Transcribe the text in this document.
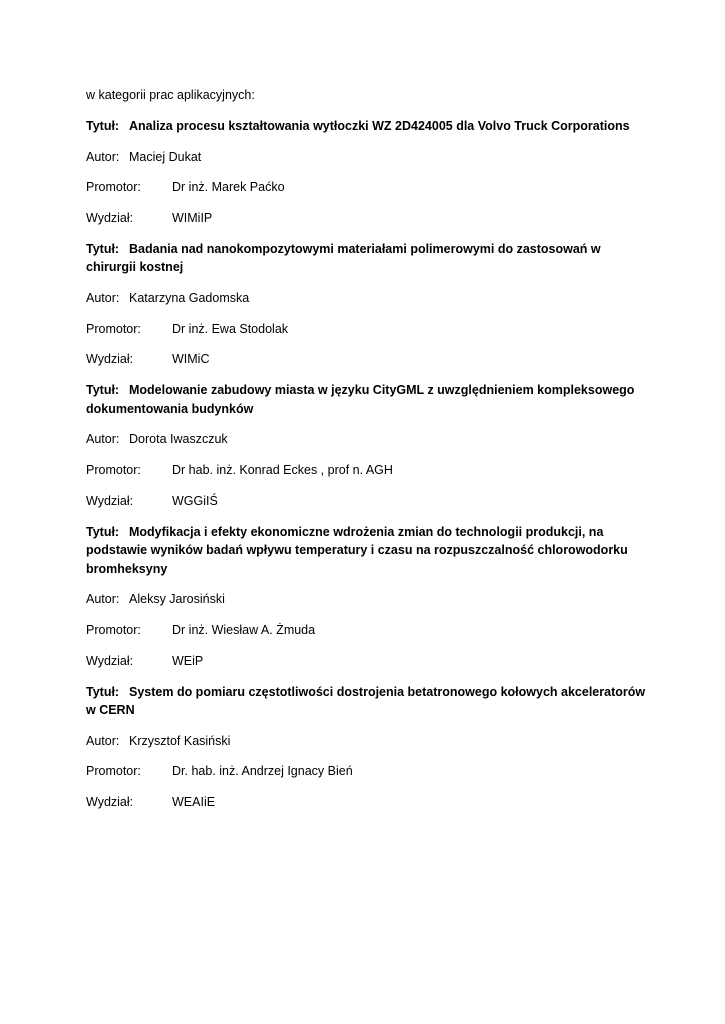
w kategorii prac aplikacyjnych:
Tytuł: Analiza procesu kształtowania wytłoczki WZ 2D424005 dla Volvo Truck Corporations
Autor: Maciej Dukat
Promotor: Dr inż. Marek Paćko
Wydział:	WIMiIP
Tytuł: Badania nad nanokompozytowymi materiałami polimerowymi do zastosowań w chirurgii kostnej
Autor: Katarzyna Gadomska
Promotor: Dr inż. Ewa Stodolak
Wydział:	WIMiC
Tytuł: Modelowanie zabudowy miasta w języku CityGML z uwzględnieniem kompleksowego dokumentowania budynków
Autor: Dorota Iwaszczuk
Promotor: Dr hab. inż. Konrad Eckes , prof n. AGH
Wydział:	WGGiIŚ
Tytuł: Modyfikacja i efekty ekonomiczne wdrożenia zmian do technologii produkcji, na podstawie wyników badań wpływu temperatury i czasu na rozpuszczalność chlorowodorku bromheksyny
Autor: Aleksy Jarosiński
Promotor: Dr inż. Wiesław A. Żmuda
Wydział:	WEiP
Tytuł: System do pomiaru częstotliwości dostrojenia betatronowego kołowych akceleratorów w CERN
Autor: Krzysztof Kasiński
Promotor: Dr. hab. inż. Andrzej Ignacy Bień
Wydział:	WEAIiE
